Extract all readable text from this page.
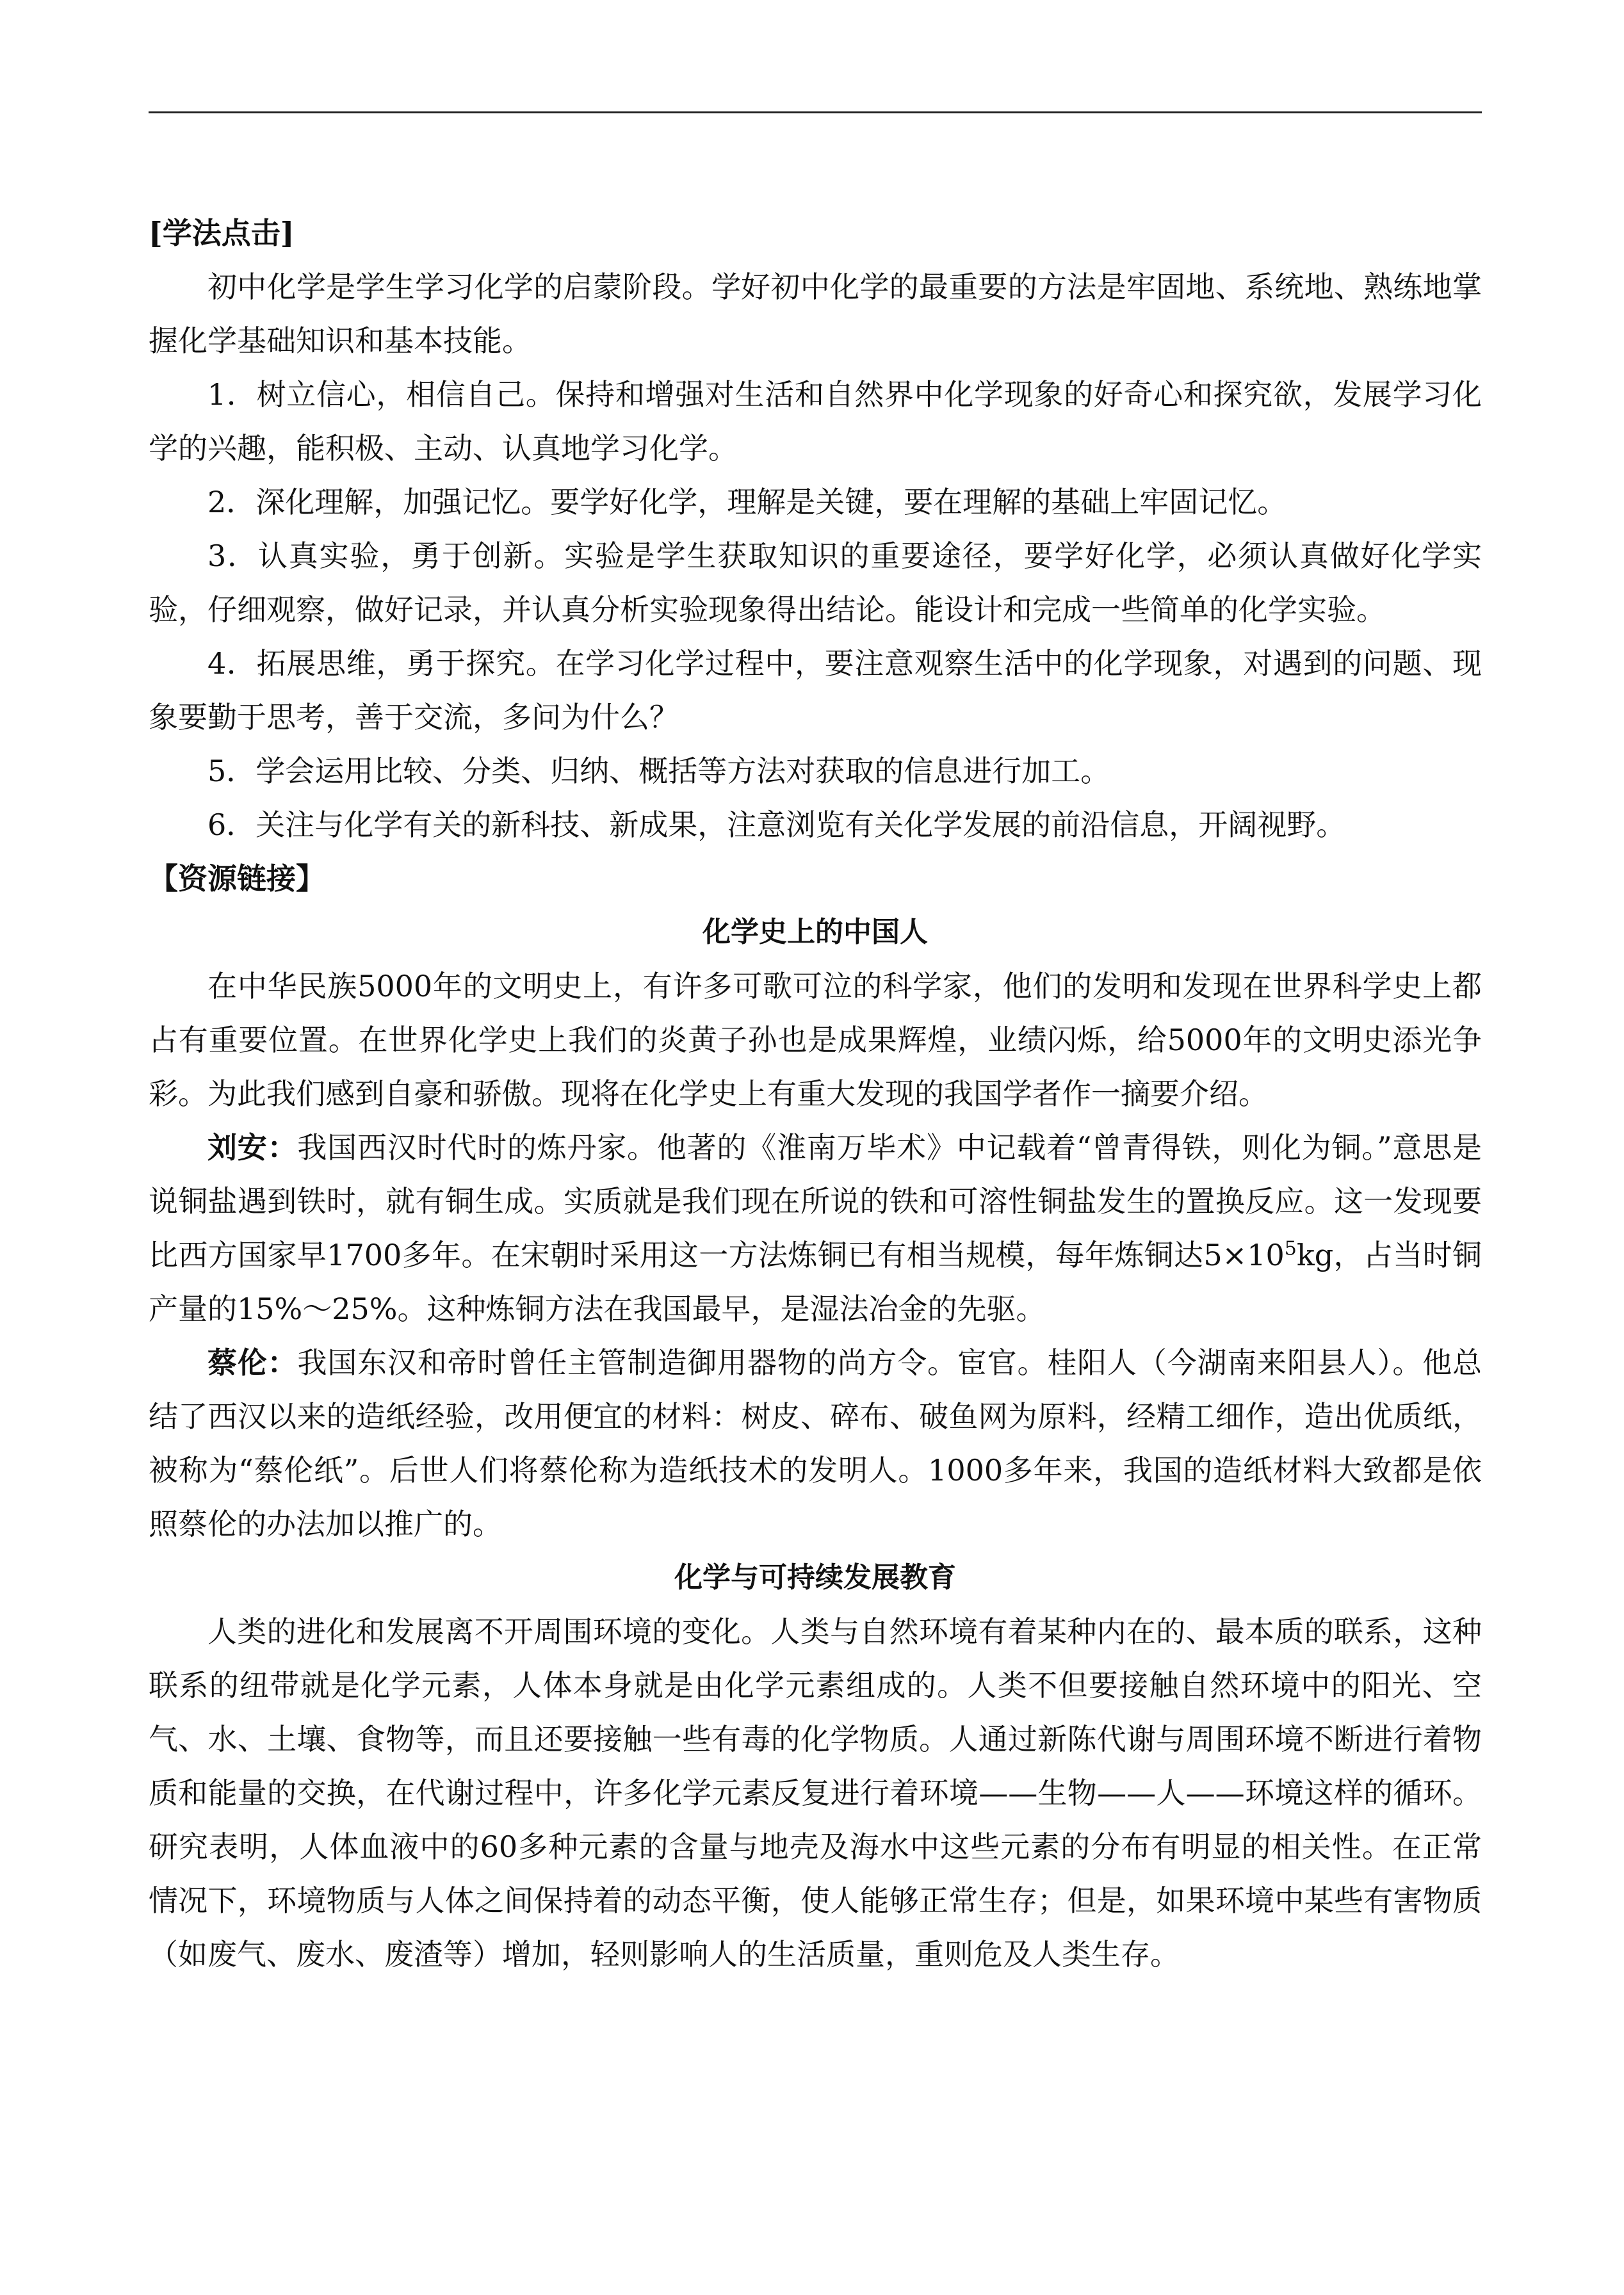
[学法点击]

初中化学是学生学习化学的启蒙阶段。学好初中化学的最重要的方法是牢固地、系统地、熟练地掌握化学基础知识和基本技能。

1．树立信心，相信自己。保持和增强对生活和自然界中化学现象的好奇心和探究欲，发展学习化学的兴趣，能积极、主动、认真地学习化学。

2．深化理解，加强记忆。要学好化学，理解是关键，要在理解的基础上牢固记忆。

3．认真实验，勇于创新。实验是学生获取知识的重要途径，要学好化学，必须认真做好化学实验，仔细观察，做好记录，并认真分析实验现象得出结论。能设计和完成一些简单的化学实验。

4．拓展思维，勇于探究。在学习化学过程中，要注意观察生活中的化学现象，对遇到的问题、现象要勤于思考，善于交流，多问为什么？

5．学会运用比较、分类、归纳、概括等方法对获取的信息进行加工。

6．关注与化学有关的新科技、新成果，注意浏览有关化学发展的前沿信息，开阔视野。

【资源链接】

化学史上的中国人

在中华民族5000年的文明史上，有许多可歌可泣的科学家，他们的发明和发现在世界科学史上都占有重要位置。在世界化学史上我们的炎黄子孙也是成果辉煌，业绩闪烁，给5000年的文明史添光争彩。为此我们感到自豪和骄傲。现将在化学史上有重大发现的我国学者作一摘要介绍。

刘安：我国西汉时代时的炼丹家。他著的《淮南万毕术》中记载着“曾青得铁，则化为铜。”意思是说铜盐遇到铁时，就有铜生成。实质就是我们现在所说的铁和可溶性铜盐发生的置换反应。这一发现要比西方国家早1700多年。在宋朝时采用这一方法炼铜已有相当规模，每年炼铜达$5\times 10^5kg$，占当时铜产量的15%～25%。这种炼铜方法在我国最早，是湿法冶金的先驱。

蔡伦：我国东汉和帝时曾任主管制造御用器物的尚方令。宦官。桂阳人（今湖南来阳县人）。他总结了西汉以来的造纸经验，改用便宜的材料：树皮、碎布、破鱼网为原料，经精工细作，造出优质纸，被称为“蔡伦纸”。后世人们将蔡伦称为造纸技术的发明人。1000多年来，我国的造纸材料大致都是依照蔡伦的办法加以推广的。

化学与可持续发展教育

人类的进化和发展离不开周围环境的变化。人类与自然环境有着某种内在的、最本质的联系，这种联系的纽带就是化学元素，人体本身就是由化学元素组成的。人类不但要接触自然环境中的阳光、空气、水、土壤、食物等，而且还要接触一些有毒的化学物质。人通过新陈代谢与周围环境不断进行着物质和能量的交换，在代谢过程中，许多化学元素反复进行着环境——生物——人——环境这样的循环。研究表明，人体血液中的60多种元素的含量与地壳及海水中这些元素的分布有明显的相关性。在正常情况下，环境物质与人体之间保持着的动态平衡，使人能够正常生存；但是，如果环境中某些有害物质（如废气、废水、废渣等）增加，轻则影响人的生活质量，重则危及人类生存。
